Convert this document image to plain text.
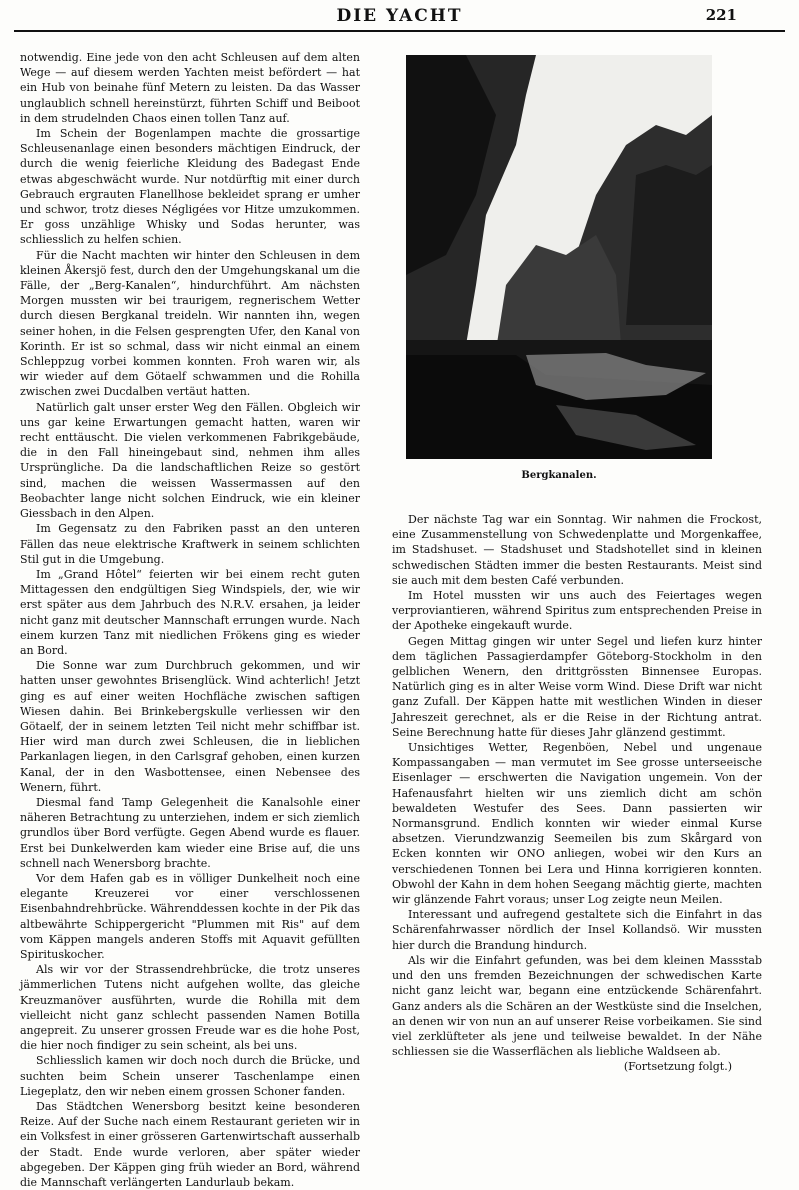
DIE YACHT	221

notwendig. Eine jede von den acht Schleusen auf dem alten Wege — auf diesem werden Yachten meist befördert — hat ein Hub von beinahe fünf Metern zu leisten. Da das Wasser unglaublich schnell hereinstürzt, führten Schiff und Beiboot in dem strudelnden Chaos einen tollen Tanz auf.

Im Schein der Bogenlampen machte die grossartige Schleusenanlage einen besonders mächtigen Eindruck, der durch die wenig feierliche Kleidung des Badegast Ende etwas abgeschwächt wurde. Nur notdürftig mit einer durch Gebrauch ergrauten Flanellhose bekleidet sprang er umher und schwor, trotz dieses Négligées vor Hitze umzukommen. Er goss unzählige Whisky und Sodas herunter, was schliesslich zu helfen schien.

Für die Nacht machten wir hinter den Schleusen in dem kleinen Åkersjö fest, durch den der Umgehungskanal um die Fälle, der „Berg-Kanalen“, hindurchführt. Am nächsten Morgen mussten wir bei traurigem, regnerischem Wetter durch diesen Bergkanal treideln. Wir nannten ihn, wegen seiner hohen, in die Felsen gesprengten Ufer, den Kanal von Korinth. Er ist so schmal, dass wir nicht einmal an einem Schleppzug vorbei kommen konnten. Froh waren wir, als wir wieder auf dem Götaelf schwammen und die Rohilla zwischen zwei Ducdalben vertäut hatten.

Natürlich galt unser erster Weg den Fällen. Obgleich wir uns gar keine Erwartungen gemacht hatten, waren wir recht enttäuscht. Die vielen verkommenen Fabrikgebäude, die in den Fall hineingebaut sind, nehmen ihm alles Ursprüngliche. Da die landschaftlichen Reize so gestört sind, machen die weissen Wassermassen auf den Beobachter lange nicht solchen Eindruck, wie ein kleiner Giessbach in den Alpen.

Im Gegensatz zu den Fabriken passt an den unteren Fällen das neue elektrische Kraftwerk in seinem schlichten Stil gut in die Umgebung.

Im „Grand Hôtel“ feierten wir bei einem recht guten Mittagessen den endgültigen Sieg Windspiels, der, wie wir erst später aus dem Jahrbuch des N.R.V. ersahen, ja leider nicht ganz mit deutscher Mannschaft errungen wurde. Nach einem kurzen Tanz mit niedlichen Frökens ging es wieder an Bord.

Die Sonne war zum Durchbruch gekommen, und wir hatten unser gewohntes Brisenglück. Wind achterlich! Jetzt ging es auf einer weiten Hochfläche zwischen saftigen Wiesen dahin. Bei Brinkebergskulle verliessen wir den Götaelf, der in seinem letzten Teil nicht mehr schiffbar ist. Hier wird man durch zwei Schleusen, die in lieblichen Parkanlagen liegen, in den Carlsgraf gehoben, einen kurzen Kanal, der in den Wasbottensee, einen Nebensee des Wenern, führt.

Diesmal fand Tamp Gelegenheit die Kanalsohle einer näheren Betrachtung zu unterziehen, indem er sich ziemlich grundlos über Bord verfügte. Gegen Abend wurde es flauer. Erst bei Dunkelwerden kam wieder eine Brise auf, die uns schnell nach Wenersborg brachte.

Vor dem Hafen gab es in völliger Dunkelheit noch eine elegante Kreuzerei vor einer verschlossenen Eisenbahndrehbrücke. Währenddessen kochte in der Pik das altbewährte Schippergericht "Plummen mit Ris" auf dem vom Käppen mangels anderen Stoffs mit Aquavit gefüllten Spirituskocher.

Als wir vor der Strassendrehbrücke, die trotz unseres jämmerlichen Tutens nicht aufgehen wollte, das gleiche Kreuzmanöver ausführten, wurde die Rohilla mit dem vielleicht nicht ganz schlecht passenden Namen Botilla angepreit. Zu unserer grossen Freude war es die hohe Post, die hier noch findiger zu sein scheint, als bei uns.

Schliesslich kamen wir doch noch durch die Brücke, und suchten beim Schein unserer Taschenlampe einen Liegeplatz, den wir neben einem grossen Schoner fanden.

Das Städtchen Wenersborg besitzt keine besonderen Reize. Auf der Suche nach einem Restaurant gerieten wir in ein Volksfest in einer grösseren Gartenwirtschaft ausserhalb der Stadt. Ende wurde verloren, aber später wieder abgegeben. Der Käppen ging früh wieder an Bord, während die Mannschaft verlängerten Landurlaub bekam.

Bergkanalen.

Der nächste Tag war ein Sonntag. Wir nahmen die Frockost, eine Zusammenstellung von Schwedenplatte und Morgenkaffee, im Stadshuset. — Stadshuset und Stadshotellet sind in kleinen schwedischen Städten immer die besten Restaurants. Meist sind sie auch mit dem besten Café verbunden.

Im Hotel mussten wir uns auch des Feiertages wegen verproviantieren, während Spiritus zum entsprechenden Preise in der Apotheke eingekauft wurde.

Gegen Mittag gingen wir unter Segel und liefen kurz hinter dem täglichen Passagierdampfer Göteborg-Stockholm in den gelblichen Wenern, den drittgrössten Binnensee Europas. Natürlich ging es in alter Weise vorm Wind. Diese Drift war nicht ganz Zufall. Der Käppen hatte mit westlichen Winden in dieser Jahreszeit gerechnet, als er die Reise in der Richtung antrat. Seine Berechnung hatte für dieses Jahr glänzend gestimmt.

Unsichtiges Wetter, Regenböen, Nebel und ungenaue Kompassangaben — man vermutet im See grosse unterseeische Eisenlager — erschwerten die Navigation ungemein. Von der Hafenausfahrt hielten wir uns ziemlich dicht am schön bewaldeten Westufer des Sees. Dann passierten wir Normansgrund. Endlich konnten wir wieder einmal Kurse absetzen. Vierundzwanzig Seemeilen bis zum Skårgard von Ecken konnten wir ONO anliegen, wobei wir den Kurs an verschiedenen Tonnen bei Lera und Hinna korrigieren konnten. Obwohl der Kahn in dem hohen Seegang mächtig gierte, machten wir glänzende Fahrt voraus; unser Log zeigte neun Meilen.

Interessant und aufregend gestaltete sich die Einfahrt in das Schärenfahrwasser nördlich der Insel Kollandsö. Wir mussten hier durch die Brandung hindurch.

Als wir die Einfahrt gefunden, was bei dem kleinen Massstab und den uns fremden Bezeichnungen der schwedischen Karte nicht ganz leicht war, begann eine entzückende Schärenfahrt. Ganz anders als die Schären an der Westküste sind die Inselchen, an denen wir von nun an auf unserer Reise vorbeikamen. Sie sind viel zerklüfteter als jene und teilweise bewaldet. In der Nähe schliessen sie die Wasserflächen als liebliche Waldseen ab.

(Fortsetzung folgt.)
